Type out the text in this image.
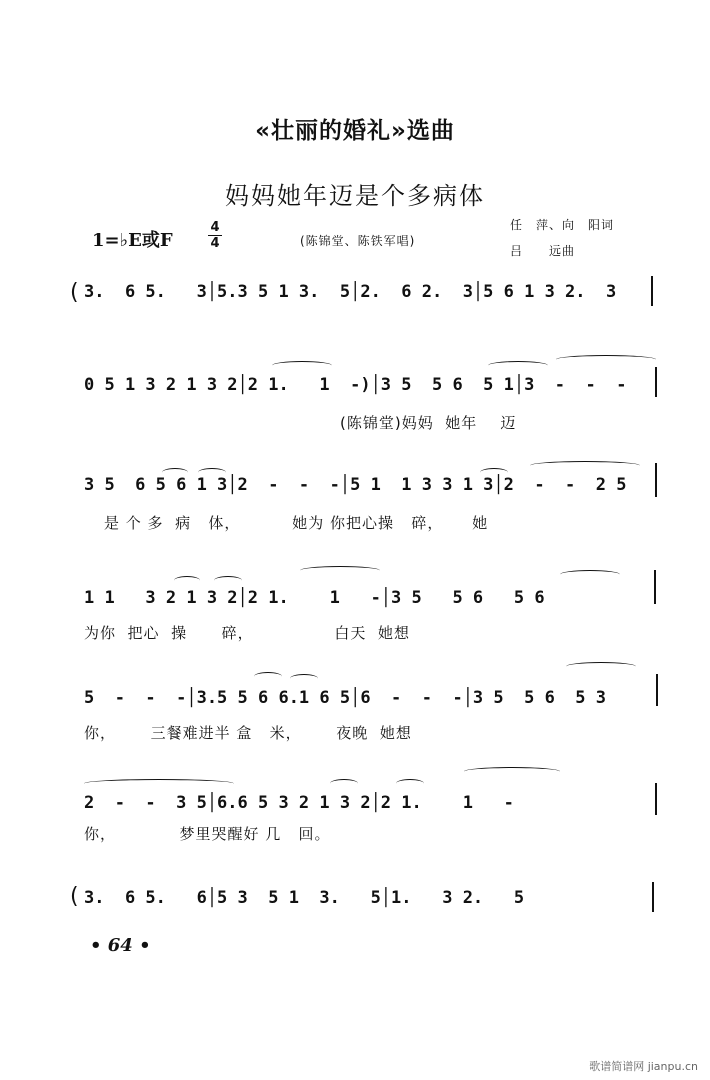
«壮丽的婚礼»选曲
妈妈她年迈是个多病体
1=♭E或F
4
4	(陈锦堂、陈铁军唱)
任　萍、向　阳词
吕　　远曲
( 3.  6 5.   3│5.3 5 1 3.  5│2.  6 2.  3│5 6 1 3 2.  3
0 5 1 3 2 1 3 2│2 1.   1  -)│3 5  5 6  5 1│3  -  -  -
(陈锦堂)妈妈  她年    迈
3 5  6 5 6 1 3│2  -  -  -│5 1  1 3 3 1 3│2  -  -  2 5
是 个 多  病   体，         她为 你把心操   碎，     她
1 1   3 2 1 3 2│2 1.    1   -│3 5   5 6   5 6
为你  把心  操      碎，              白天  她想
5  -  -  -│3.5 5 6 6.1 6 5│6  -  -  -│3 5  5 6  5 3
你，      三餐难进半 盒   米，      夜晚  她想
2  -  -  3 5│6.6 5 3 2 1 3 2│2 1.    1   -
你，           梦里哭醒好 几   回。
( 3.  6 5.   6│5 3  5 1  3.   5│1.   3 2.   5
• 64 •
歌谱简谱网 jianpu.cn
